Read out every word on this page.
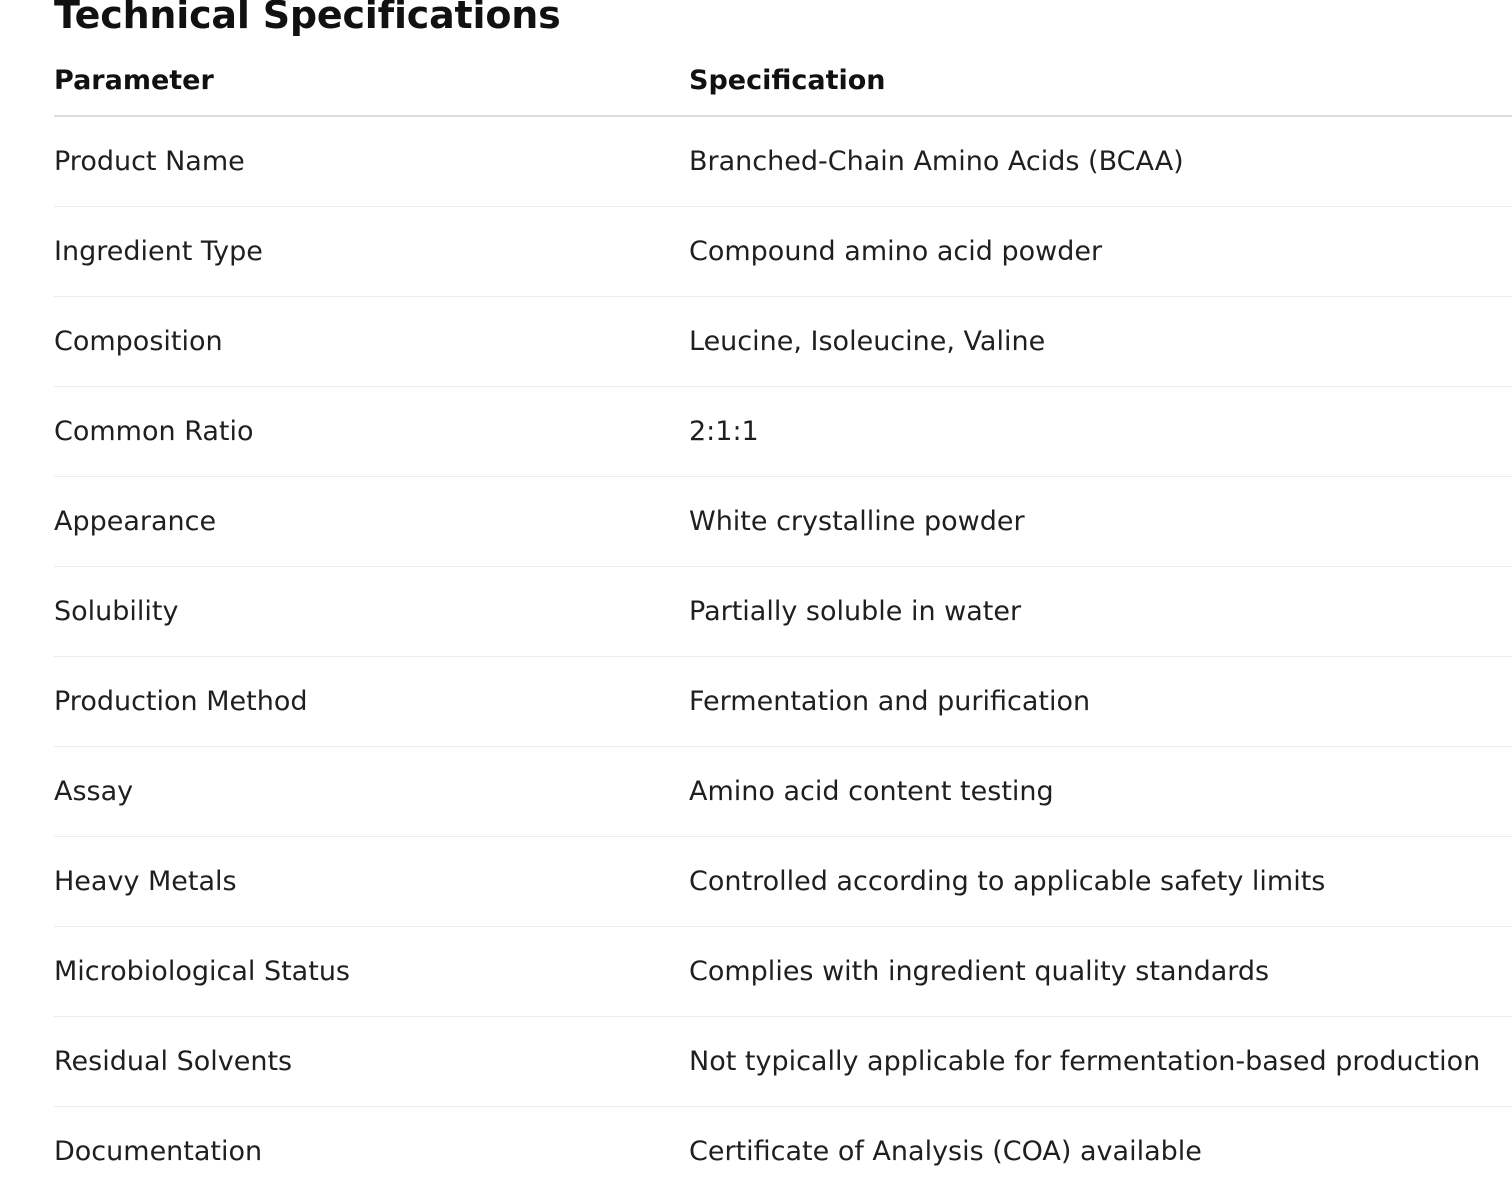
Technical Specifications
Parameter	Specification
Product Name	Branched-Chain Amino Acids (BCAA)
Ingredient Type	Compound amino acid powder
Composition	Leucine, Isoleucine, Valine
Common Ratio	2:1:1
Appearance	White crystalline powder
Solubility	Partially soluble in water
Production Method	Fermentation and purification
Assay	Amino acid content testing
Heavy Metals	Controlled according to applicable safety limits
Microbiological Status	Complies with ingredient quality standards
Residual Solvents	Not typically applicable for fermentation-based production
Documentation	Certificate of Analysis (COA) available
